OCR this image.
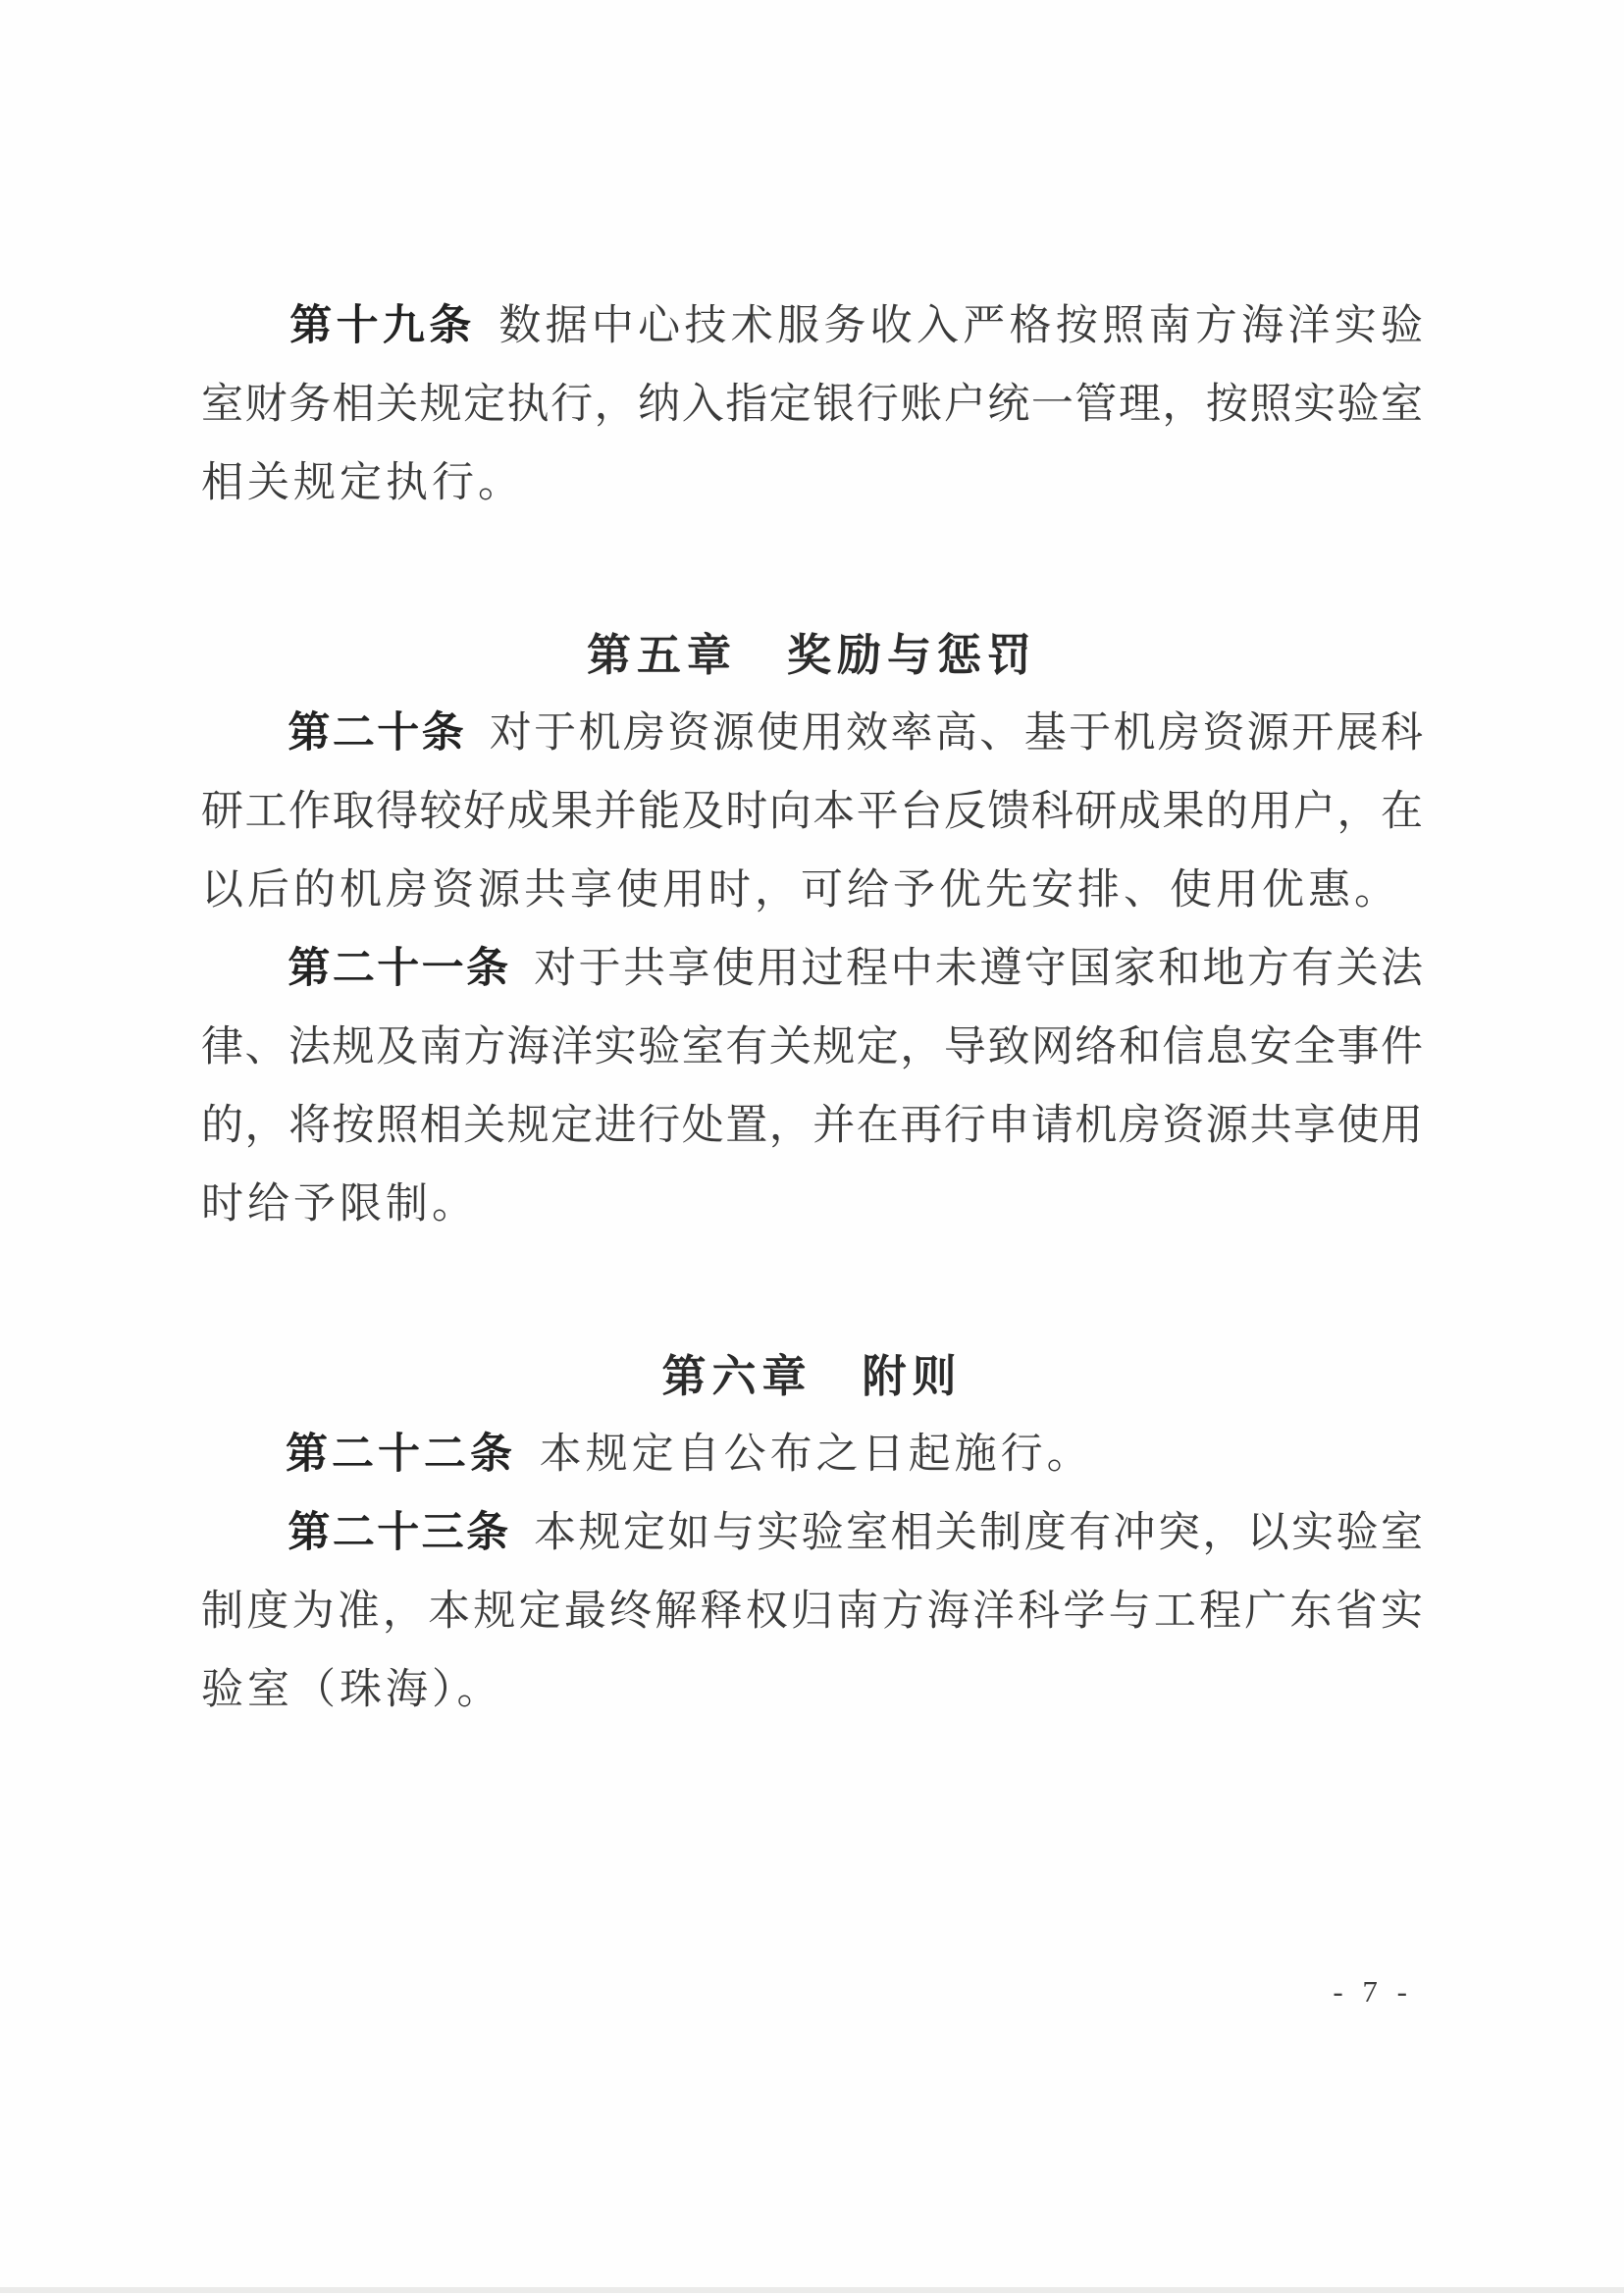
第十九条 数据中心技术服务收入严格按照南方海洋实验
室财务相关规定执行，纳入指定银行账户统一管理，按照实验室
相关规定执行。
第五章　奖励与惩罚
第二十条 对于机房资源使用效率高、基于机房资源开展科
研工作取得较好成果并能及时向本平台反馈科研成果的用户，在
以后的机房资源共享使用时，可给予优先安排、使用优惠。
第二十一条 对于共享使用过程中未遵守国家和地方有关法
律、法规及南方海洋实验室有关规定，导致网络和信息安全事件
的，将按照相关规定进行处置，并在再行申请机房资源共享使用
时给予限制。
第六章　附则
第二十二条 本规定自公布之日起施行。
第二十三条 本规定如与实验室相关制度有冲突，以实验室
制度为准，本规定最终解释权归南方海洋科学与工程广东省实
验室（珠海）。
- 7 -
